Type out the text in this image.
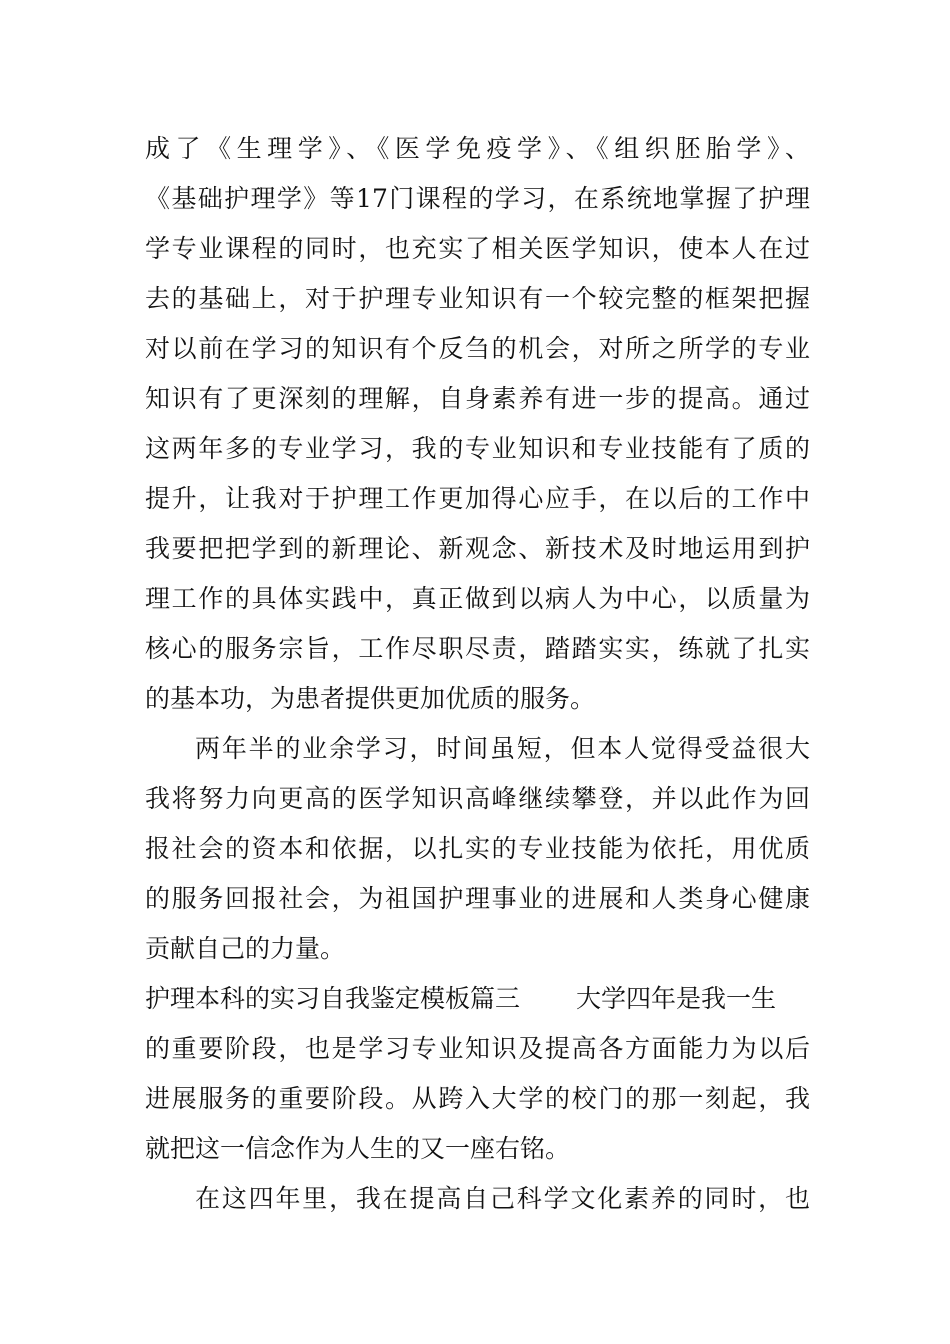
成了《生理学》、《医学免疫学》、《组织胚胎学》、
《基础护理学》等17门课程的学习，在系统地掌握了护理
学专业课程的同时，也充实了相关医学知识，使本人在过
去的基础上，对于护理专业知识有一个较完整的框架把握
对以前在学习的知识有个反刍的机会，对所之所学的专业
知识有了更深刻的理解，自身素养有进一步的提高。通过
这两年多的专业学习，我的专业知识和专业技能有了质的
提升，让我对于护理工作更加得心应手，在以后的工作中
我要把把学到的新理论、新观念、新技术及时地运用到护
理工作的具体实践中，真正做到以病人为中心，以质量为
核心的服务宗旨，工作尽职尽责，踏踏实实，练就了扎实
的基本功，为患者提供更加优质的服务。
两年半的业余学习，时间虽短，但本人觉得受益很大
我将努力向更高的医学知识高峰继续攀登，并以此作为回
报社会的资本和依据，以扎实的专业技能为依托，用优质
的服务回报社会，为祖国护理事业的进展和人类身心健康
贡献自己的力量。
护理本科的实习自我鉴定模板篇三 大学四年是我一生
的重要阶段，也是学习专业知识及提高各方面能力为以后
进展服务的重要阶段。从跨入大学的校门的那一刻起，我
就把这一信念作为人生的又一座右铭。
在这四年里，我在提高自己科学文化素养的同时，也
